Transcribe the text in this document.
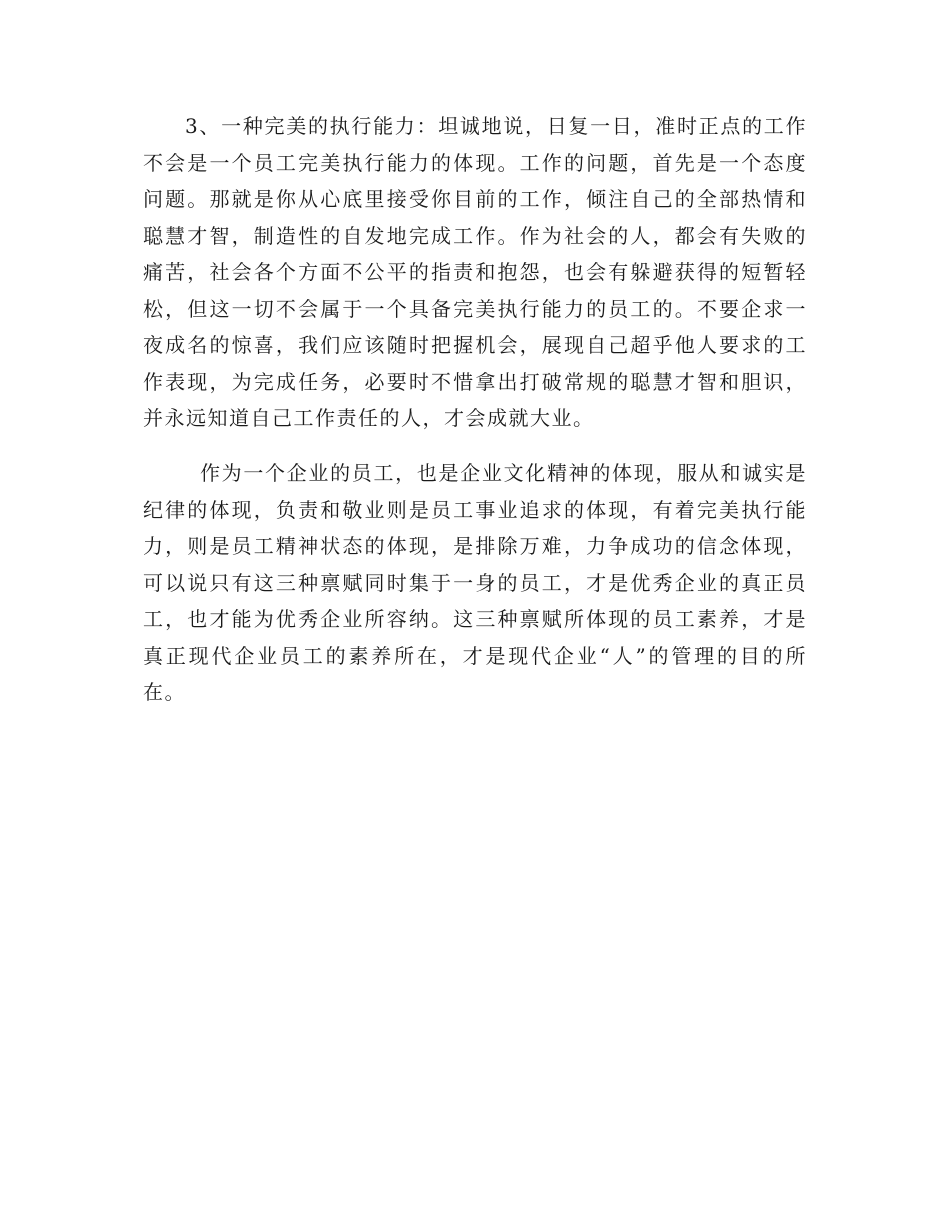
3、一种完美的执行能力：坦诚地说，日复一日，准时正点的工作不会是一个员工完美执行能力的体现。工作的问题，首先是一个态度问题。那就是你从心底里接受你目前的工作，倾注自己的全部热情和聪慧才智，制造性的自发地完成工作。作为社会的人，都会有失败的痛苦，社会各个方面不公平的指责和抱怨，也会有躲避获得的短暂轻松，但这一切不会属于一个具备完美执行能力的员工的。不要企求一夜成名的惊喜，我们应该随时把握机会，展现自己超乎他人要求的工作表现，为完成任务，必要时不惜拿出打破常规的聪慧才智和胆识，并永远知道自己工作责任的人，才会成就大业。

作为一个企业的员工，也是企业文化精神的体现，服从和诚实是纪律的体现，负责和敬业则是员工事业追求的体现，有着完美执行能力，则是员工精神状态的体现，是排除万难，力争成功的信念体现，可以说只有这三种禀赋同时集于一身的员工，才是优秀企业的真正员工，也才能为优秀企业所容纳。这三种禀赋所体现的员工素养，才是真正现代企业员工的素养所在，才是现代企业“人”的管理的目的所在。
